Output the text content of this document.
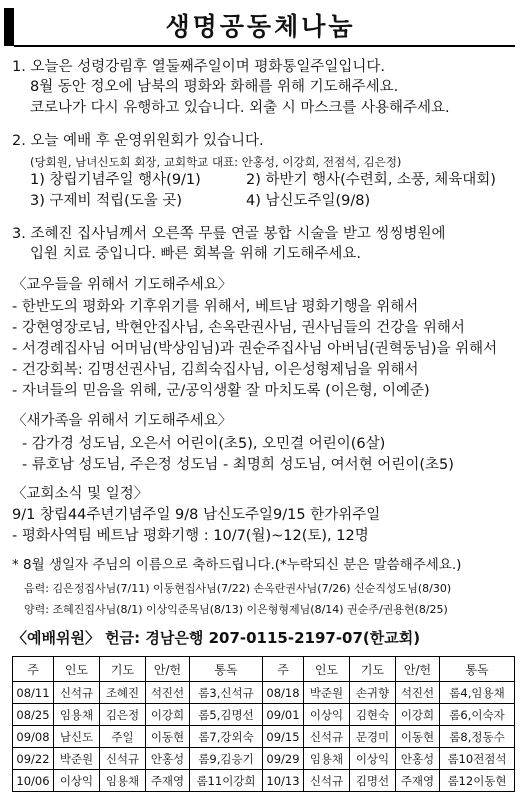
생명공동체나눔
1. 오늘은 성령강림후 열둘째주일이며 평화통일주일입니다.
8월 동안 정오에 남북의 평화와 화해를 위해 기도해주세요.
코로나가 다시 유행하고 있습니다. 외출 시 마스크를 사용해주세요.
2. 오늘 예배 후 운영위원회가 있습니다.
(당회원, 남녀신도회 회장, 교회학교 대표: 안홍성, 이강희, 전점석, 김은정)
1) 창립기념주일 행사(9/1)	2) 하반기 행사(수련회, 소풍, 체육대회)
3) 구제비 적립(도울 곳)	4) 남신도주일(9/8)
3. 조혜진 집사님께서 오른쪽 무릎 연골 봉합 시술을 받고 씽씽병원에
입원 치료 중입니다. 빠른 회복을 위해 기도해주세요.
〈교우들을 위해서 기도해주세요〉
- 한반도의 평화와 기후위기를 위해서, 베트남 평화기행을 위해서
- 강현영장로님, 박현안집사님, 손옥란권사님, 권사님들의 건강을 위해서
- 서경례집사님 어머님(박상임님)과 권순주집사님 아버님(권혁동님)을 위해서
- 건강회복: 김명선권사님, 김희숙집사님, 이은성형제님을 위해서
- 자녀들의 믿음을 위해, 군/공익생활 잘 마치도록 (이은형, 이예준)
〈새가족을 위해서 기도해주세요〉
- 감가경 성도님, 오은서 어린이(초5), 오민결 어린이(6살)
- 류호남 성도님, 주은정 성도님 - 최명희 성도님, 여서현 어린이(초5)
〈교회소식 및 일정〉
9/1 창립44주년기념주일 9/8 남신도주일9/15 한가위주일
- 평화사역팀 베트남 평화기행 : 10/7(월)~12(토), 12명
* 8월 생일자 주님의 이름으로 축하드립니다.(*누락되신 분은 말씀해주세요.)
음력: 김은정집사님(7/11) 이동현집사님(7/22) 손옥란권사님(7/26) 신순직성도님(8/30)
양력: 조혜진집사님(8/1) 이상익준목님(8/13) 이은형형제님(8/14) 권순주/권용현(8/25)
〈예배위원〉 헌금: 경남은행 207-0115-2197-07(한교회)
주	인도	기도	안/헌	통독	주	인도	기도	안/헌	통독
08/11	신석규	조혜진	석진선	롬3,신석규	08/18	박준원	손귀향	석진선	롬4,임용채
08/25	임용채	김은정	이강희	롬5,김명선	09/01	이상익	김현숙	이강희	롬6,이숙자
09/08	남신도	주일	이동현	롬7,강외숙	09/15	신석규	문경미	이동현	롬8,정동수
09/22	박준원	신석규	안홍성	롬9,김응기	09/29	임용채	이상익	안홍성	롬10전점석
10/06	이상익	임용채	주재영	롬11이강희	10/13	신석규	김명선	주재영	롬12이동현
